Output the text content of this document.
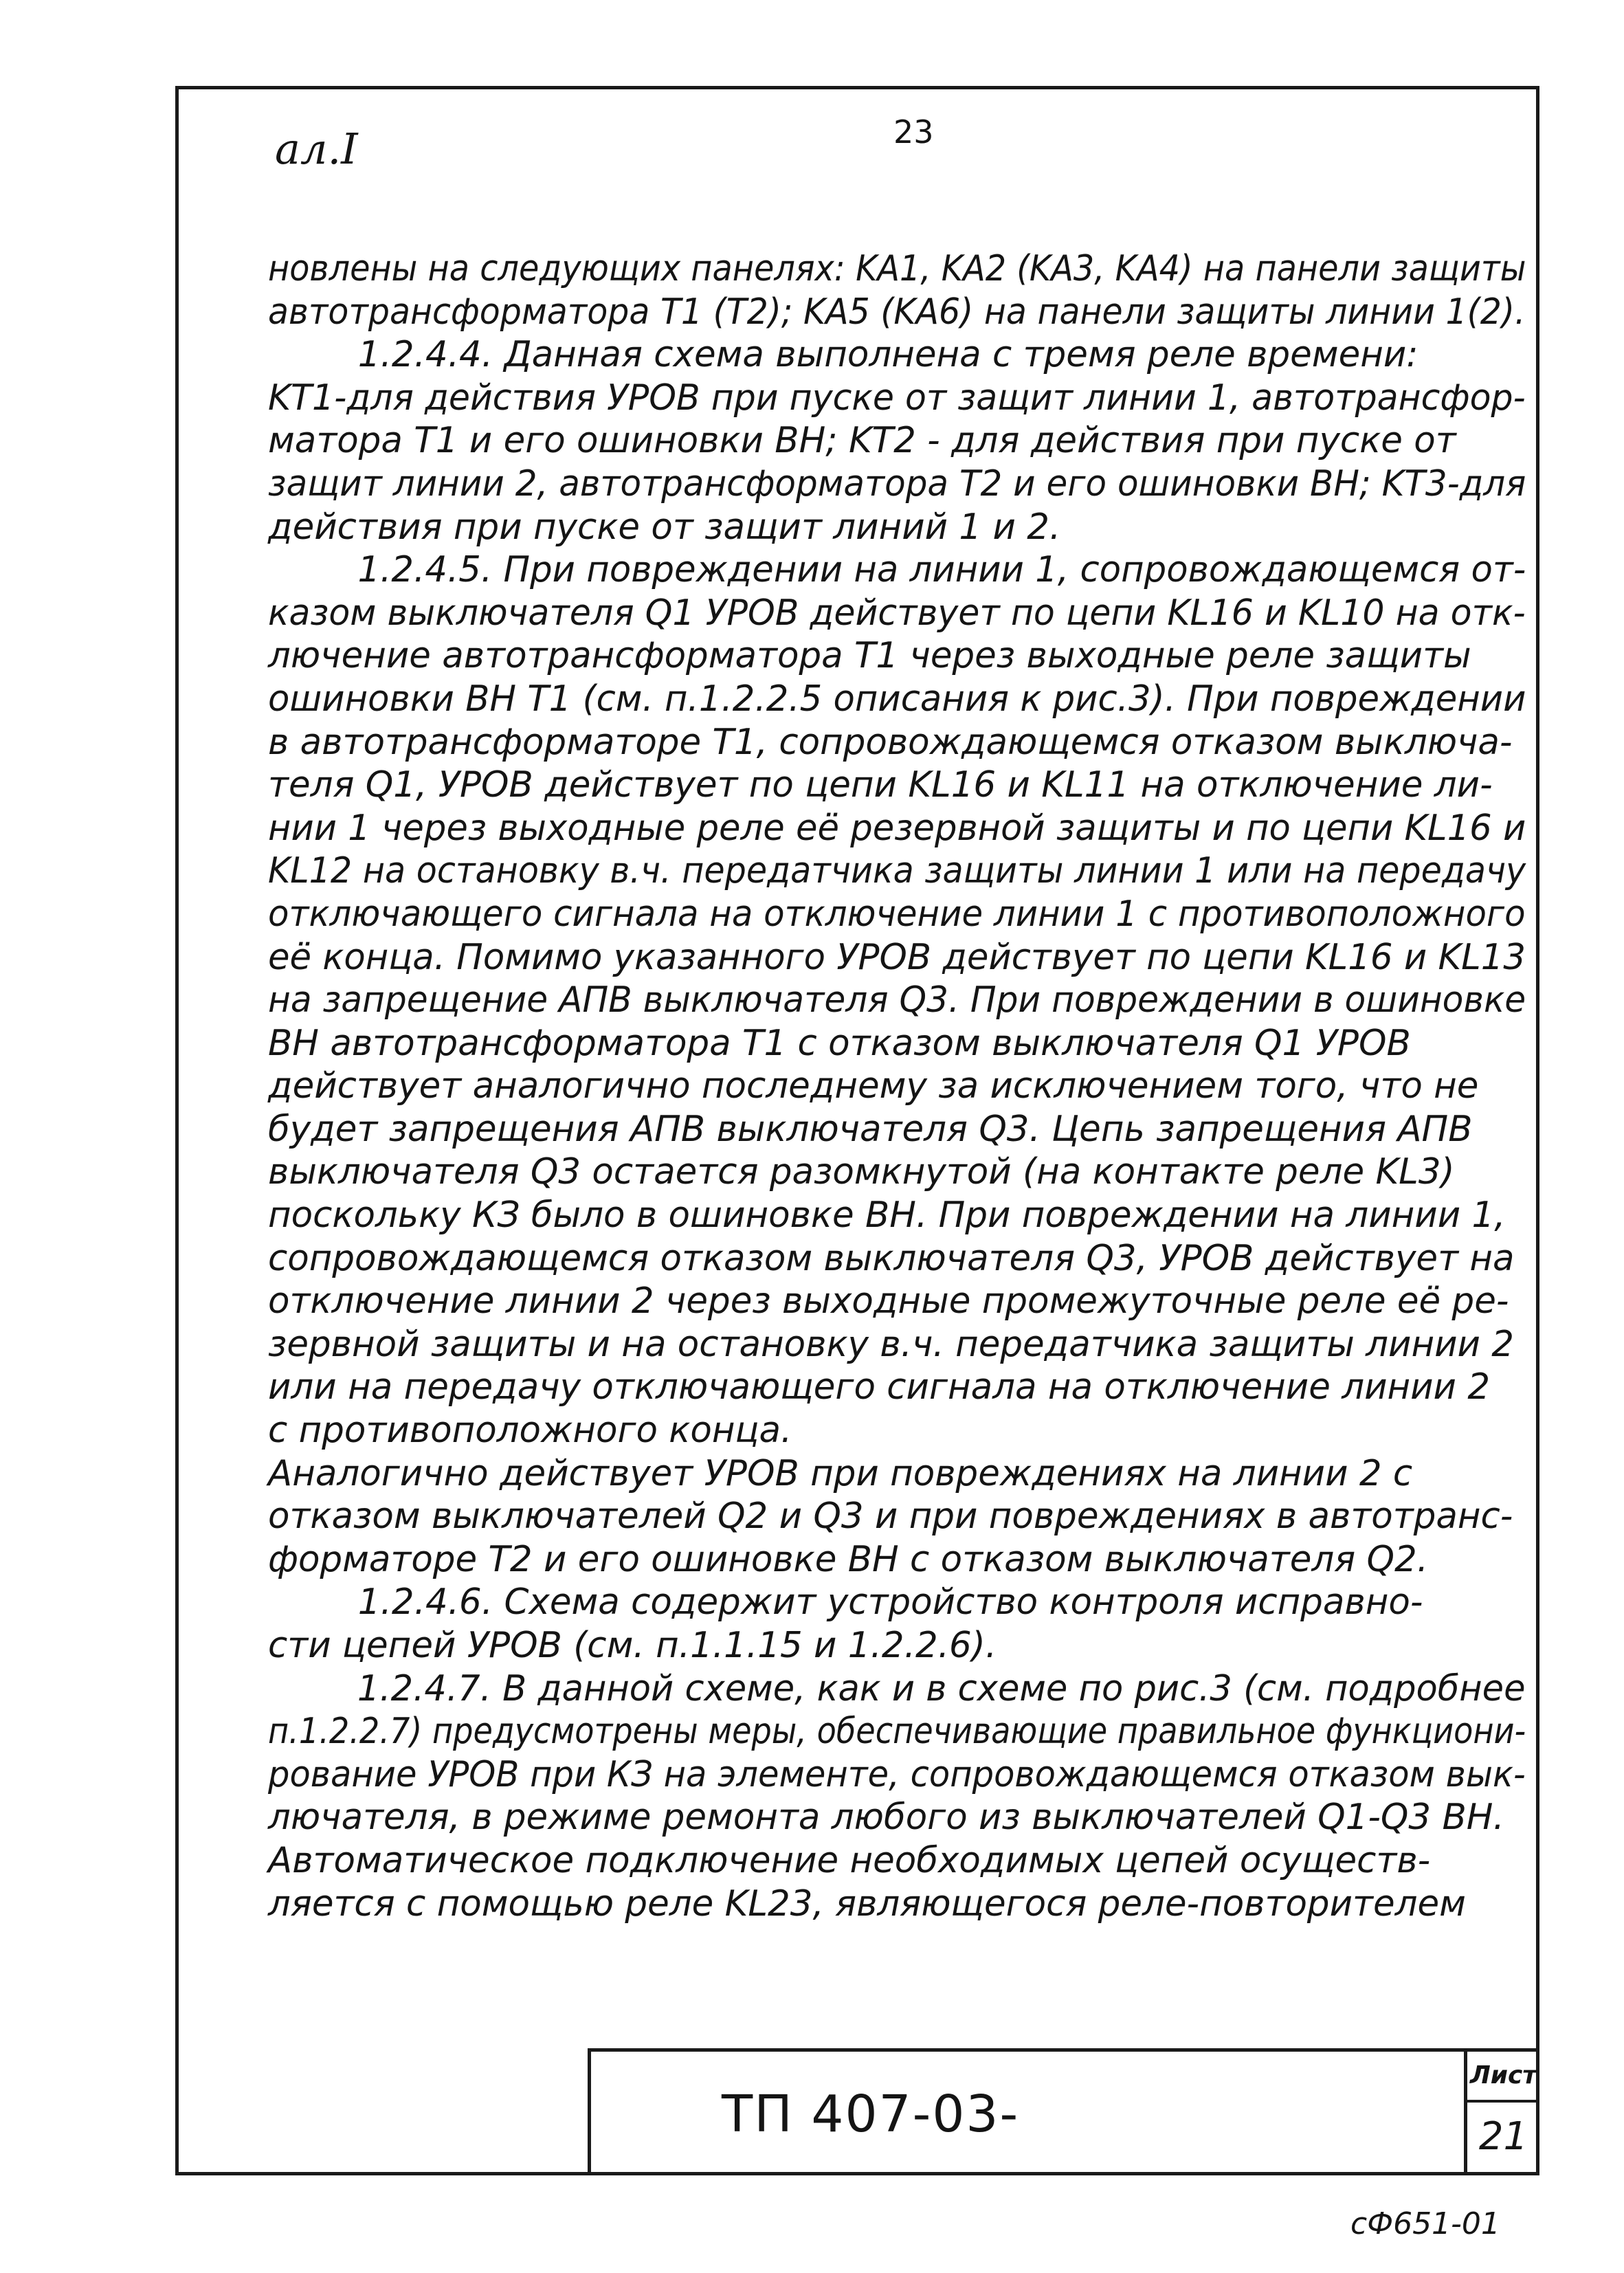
ал.I	23
новлены на следующих панелях: KA1, KA2 (KA3, KA4) на панели защиты
автотрансформатора T1 (T2); KA5 (KA6) на панели защиты линии 1(2).
1.2.4.4. Данная схема выполнена с тремя реле времени:
KT1-для действия УРОВ при пуске от защит линии 1, автотрансфор-
матора T1 и его ошиновки ВН; KT2 - для действия при пуске от
защит линии 2, автотрансформатора T2 и его ошиновки ВН; KT3-для
действия при пуске от защит линий 1 и 2.
1.2.4.5. При повреждении на линии 1, сопровождающемся от-
казом выключателя Q1 УРОВ действует по цепи KL16 и KL10 на отк-
лючение автотрансформатора T1 через выходные реле защиты
ошиновки ВН T1 (см. п.1.2.2.5 описания к рис.3). При повреждении
в автотрансформаторе T1, сопровождающемся отказом выключа-
теля Q1, УРОВ действует по цепи KL16 и KL11 на отключение ли-
нии 1 через выходные реле её резервной защиты и по цепи KL16 и
KL12 на остановку в.ч. передатчика защиты линии 1 или на передачу
отключающего сигнала на отключение линии 1 с противоположного
её конца. Помимо указанного УРОВ действует по цепи KL16 и KL13
на запрещение АПВ выключателя Q3. При повреждении в ошиновке
ВН автотрансформатора T1 с отказом выключателя Q1 УРОВ
действует аналогично последнему за исключением того, что не
будет запрещения АПВ выключателя Q3. Цепь запрещения АПВ
выключателя Q3 остается разомкнутой (на контакте реле KL3)
поскольку КЗ было в ошиновке ВН. При повреждении на линии 1,
сопровождающемся отказом выключателя Q3, УРОВ действует на
отключение линии 2 через выходные промежуточные реле её ре-
зервной защиты и на остановку в.ч. передатчика защиты линии 2
или на передачу отключающего сигнала на отключение линии 2
с противоположного конца.
Аналогично действует УРОВ при повреждениях на линии 2 с
отказом выключателей Q2 и Q3 и при повреждениях в автотранс-
форматоре T2 и его ошиновке ВН с отказом выключателя Q2.
1.2.4.6. Схема содержит устройство контроля исправно-
сти цепей УРОВ (см. п.1.1.15 и 1.2.2.6).
1.2.4.7. В данной схеме, как и в схеме по рис.3 (см. подробнее
п.1.2.2.7) предусмотрены меры, обеспечивающие правильное функциони-
рование УРОВ при КЗ на элементе, сопровождающемся отказом вык-
лючателя, в режиме ремонта любого из выключателей Q1-Q3 ВН.
Автоматическое подключение необходимых цепей осуществ-
ляется с помощью реле KL23, являющегося реле-повторителем
ТП 407-03-
Лист
21
сФ651-01
